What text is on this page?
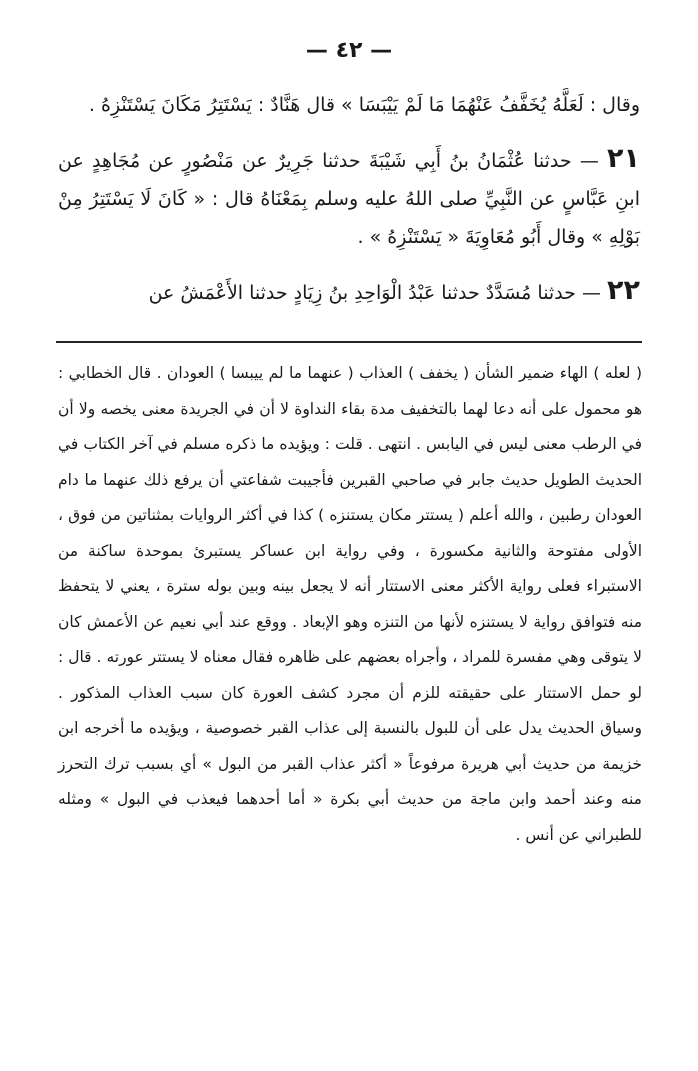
— ٤٢ —

وقال : لَعَلَّهُ يُخَفَّفُ عَنْهُمَا مَا لَمْ يَيْبَسَا » قال هَنَّادٌ : يَسْتَتِرُ مَكَانَ يَسْتَنْزِهُ .

٢١ — حدثنا عُثْمَانُ بنُ أَبِي شَيْبَةَ حدثنا جَرِيرٌ عن مَنْصُورٍ عن مُجَاهِدٍ عن ابنِ عَبَّاسٍ عن النَّبِيِّ صلى اللهُ عليه وسلم بِمَعْنَاهُ قال : « كَانَ لَا يَسْتَتِرُ مِنْ بَوْلِهِ » وقال أَبُو مُعَاوِيَةَ « يَسْتَنْزِهُ » .

٢٢ — حدثنا مُسَدَّدٌ حدثنا عَبْدُ الْوَاحِدِ بنُ زِيَادٍ حدثنا الأَعْمَشُ عن

( لعله ) الهاء ضمير الشأن ( يخفف ) العذاب ( عنهما ما لم ييبسا ) العودان . قال الخطابي : هو محمول على أنه دعا لهما بالتخفيف مدة بقاء النداوة لا أن في الجريدة معنى يخصه ولا أن في الرطب معنى ليس في اليابس . انتهى . قلت : ويؤيده ما ذكره مسلم في آخر الكتاب في الحديث الطويل حديث جابر في صاحبي القبرين فأجيبت شفاعتي أن يرفع ذلك عنهما ما دام العودان رطبين ، والله أعلم ( يستتر مكان يستنزه ) كذا في أكثر الروايات بمثناتين من فوق ، الأولى مفتوحة والثانية مكسورة ، وفي رواية ابن عساكر يستبرئ بموحدة ساكنة من الاستبراء فعلى رواية الأكثر معنى الاستتار أنه لا يجعل بينه وبين بوله سترة ، يعني لا يتحفظ منه فتوافق رواية لا يستنزه لأنها من التنزه وهو الإبعاد . ووقع عند أبي نعيم عن الأعمش كان لا يتوقى وهي مفسرة للمراد ، وأجراه بعضهم على ظاهره فقال معناه لا يستتر عورته . قال : لو حمل الاستتار على حقيقته للزم أن مجرد كشف العورة كان سبب العذاب المذكور . وسياق الحديث يدل على أن للبول بالنسبة إلى عذاب القبر خصوصية ، ويؤيده ما أخرجه ابن خزيمة من حديث أبي هريرة مرفوعاً « أكثر عذاب القبر من البول » أي بسبب ترك التحرز منه وعند أحمد وابن ماجة من حديث أبي بكرة « أما أحدهما فيعذب في البول » ومثله للطبراني عن أنس .
